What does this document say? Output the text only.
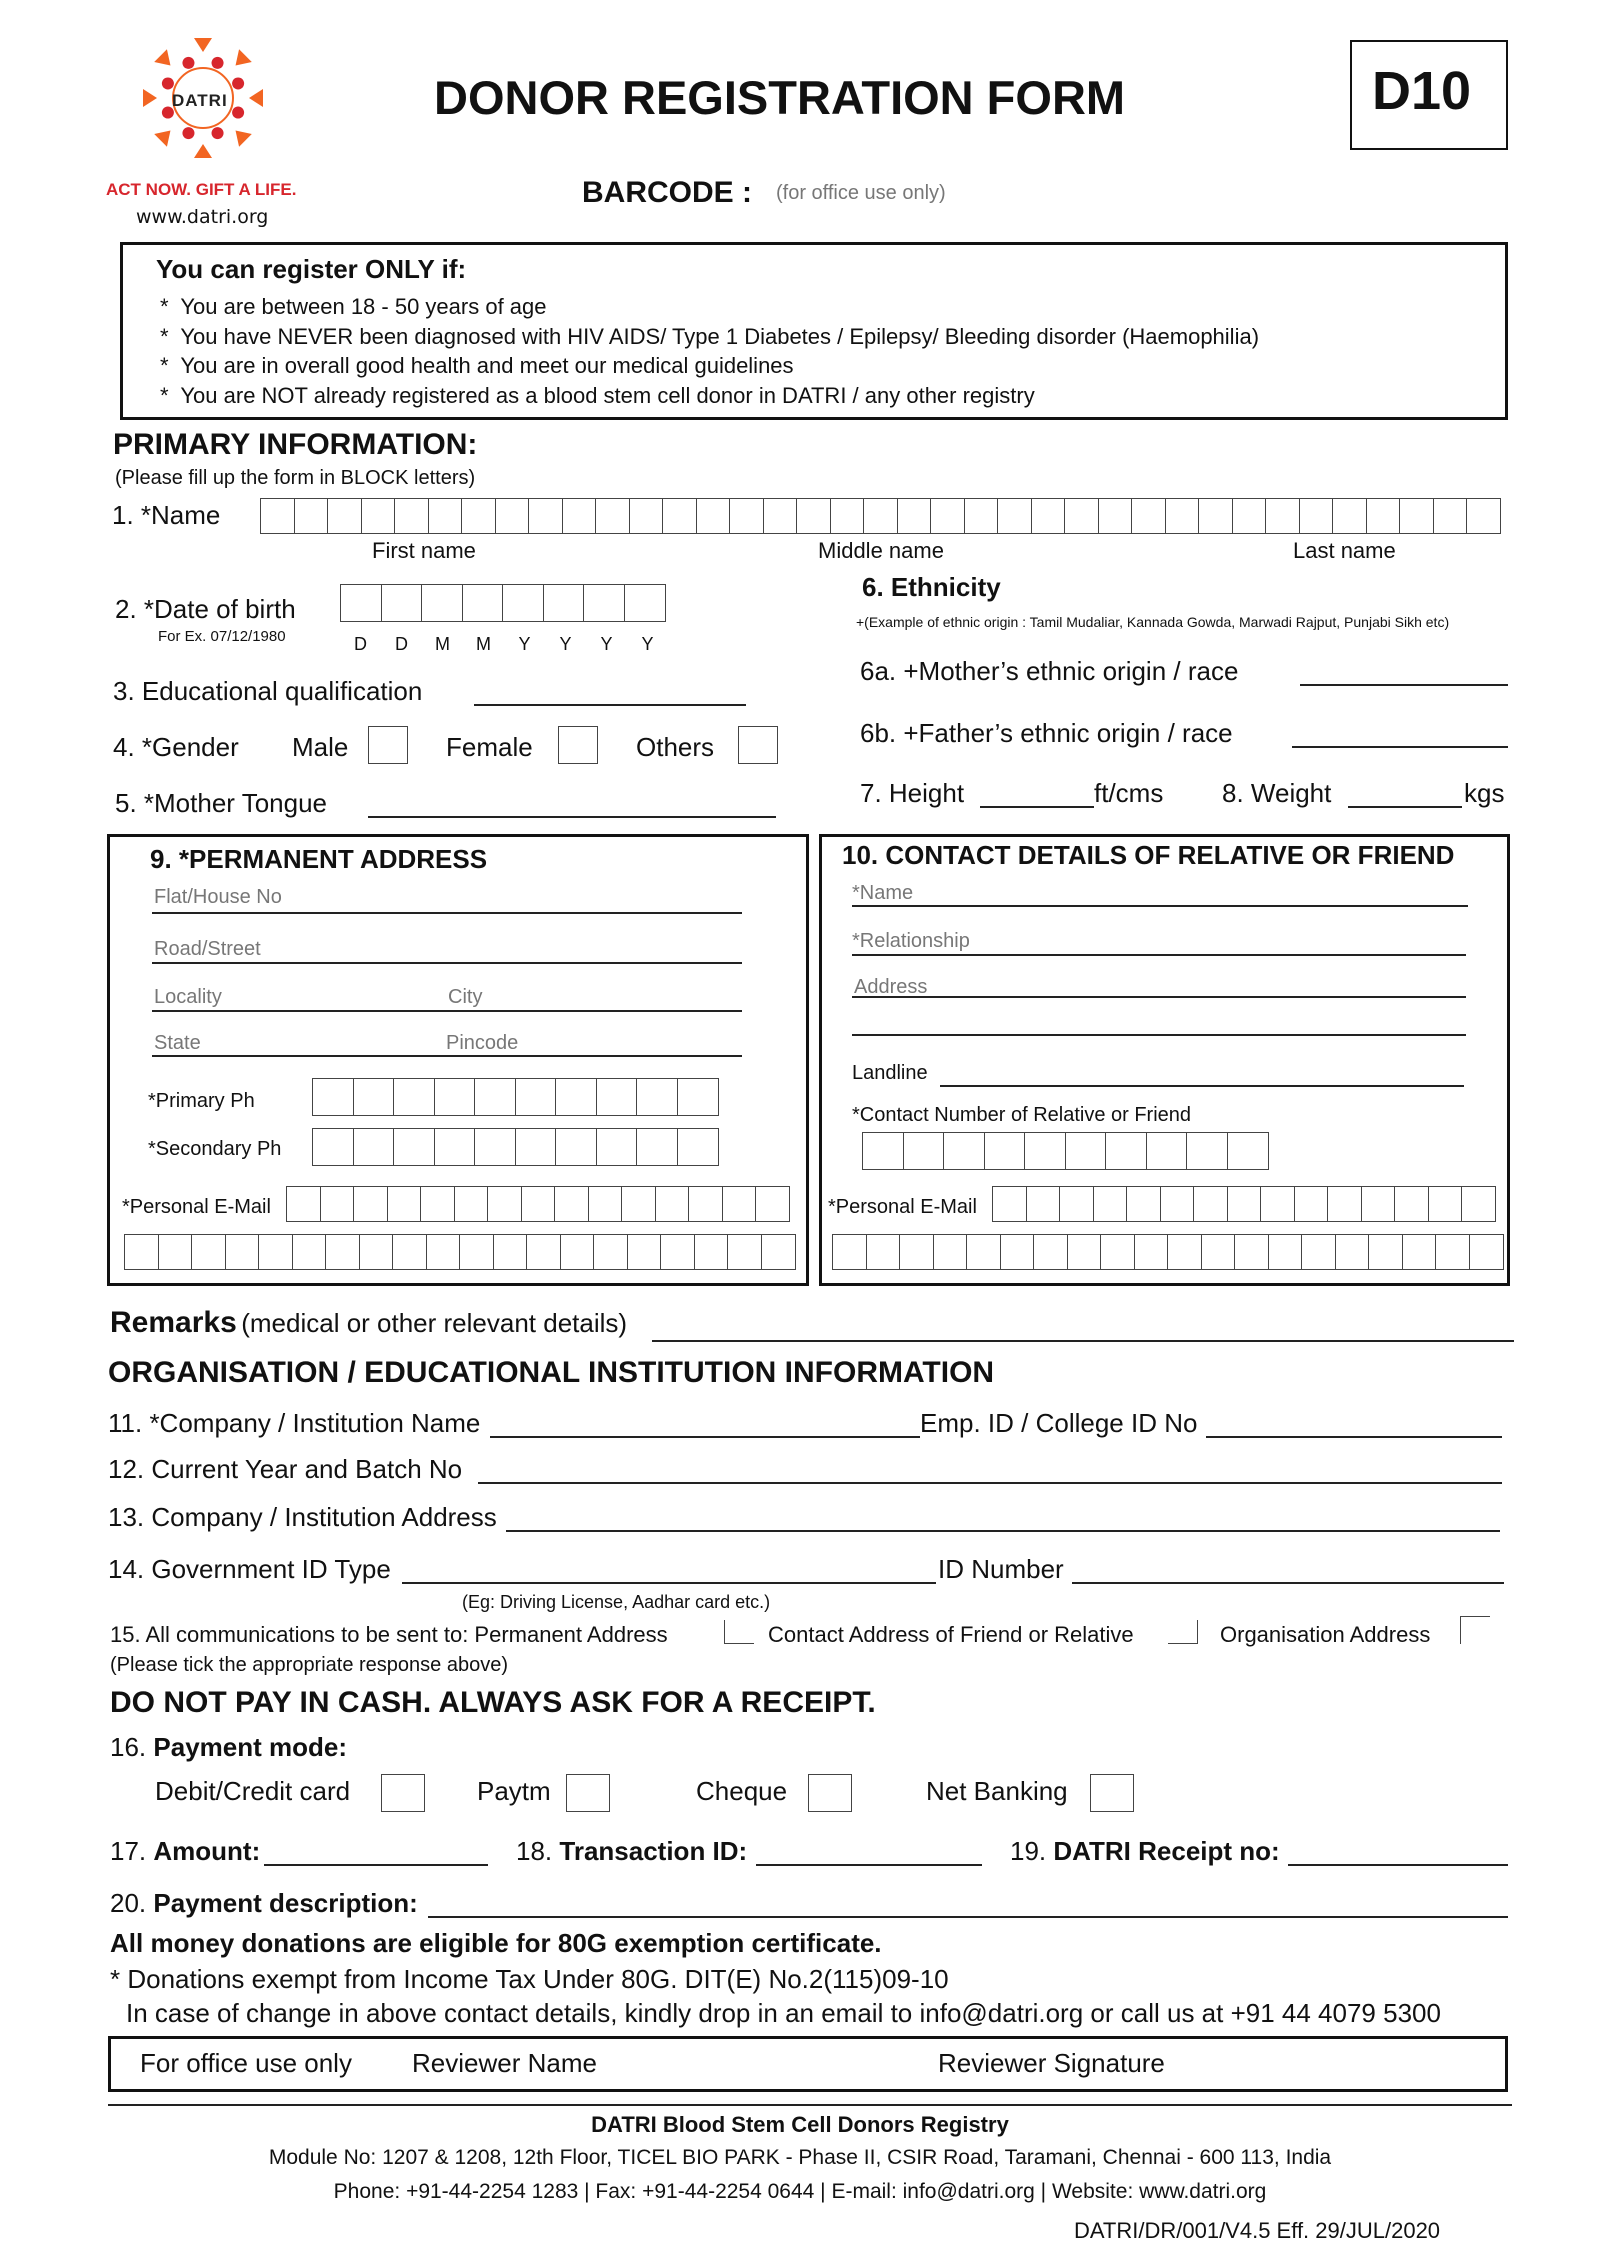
DATRI
ACT NOW. GIFT A LIFE.
www.datri.org
DONOR REGISTRATION FORM	D10
BARCODE : (for office use only)
You can register ONLY if:
*  You are between 18 - 50 years of age
*  You have NEVER been diagnosed with HIV AIDS/ Type 1 Diabetes / Epilepsy/ Bleeding disorder (Haemophilia)
*  You are in overall good health and meet our medical guidelines
*  You are NOT already registered as a blood stem cell donor in DATRI / any other registry
PRIMARY INFORMATION:
(Please fill up the form in BLOCK letters)
1. *Name
First name	Middle name	Last name
2. *Date of birth
For Ex. 07/12/1980	D D M M Y Y Y Y
3. Educational qualification
4. *Gender Male	Female	Others
5. *Mother Tongue
6. Ethnicity
+(Example of ethnic origin : Tamil Mudaliar, Kannada Gowda, Marwadi Rajput, Punjabi Sikh etc)
6a. +Mother’s ethnic origin / race
6b. +Father’s ethnic origin / race
7. Height	ft/cms 8. Weight	kgs
9. *PERMANENT ADDRESS
Flat/House No
Road/Street
Locality	City
State	Pincode
*Primary Ph
*Secondary Ph
*Personal E-Mail
10. CONTACT DETAILS OF RELATIVE OR FRIEND
*Name
*Relationship
Address
Landline
*Contact Number of Relative or Friend
*Personal E-Mail
Remarks (medical or other relevant details)
ORGANISATION / EDUCATIONAL INSTITUTION INFORMATION
11. *Company / Institution Name	Emp. ID / College ID No
12. Current Year and Batch No
13. Company / Institution Address
14. Government ID Type	ID Number
(Eg: Driving License, Aadhar card etc.)
15. All communications to be sent to: Permanent Address	Contact Address of Friend or Relative	Organisation Address
(Please tick the appropriate response above)
DO NOT PAY IN CASH. ALWAYS ASK FOR A RECEIPT.
16. Payment mode:
Debit/Credit card	Paytm	Cheque	Net Banking
17. Amount:	18. Transaction ID:	19. DATRI Receipt no:
20. Payment description:
All money donations are eligible for 80G exemption certificate.
* Donations exempt from Income Tax Under 80G. DIT(E) No.2(115)09-10
In case of change in above contact details, kindly drop in an email to info@datri.org or call us at +91 44 4079 5300
For office use only Reviewer Name	Reviewer Signature
DATRI Blood Stem Cell Donors Registry
Module No: 1207 & 1208, 12th Floor, TICEL BIO PARK - Phase II, CSIR Road, Taramani, Chennai - 600 113, India
Phone: +91-44-2254 1283 | Fax: +91-44-2254 0644 | E-mail: info@datri.org | Website: www.datri.org
DATRI/DR/001/V4.5 Eff. 29/JUL/2020
